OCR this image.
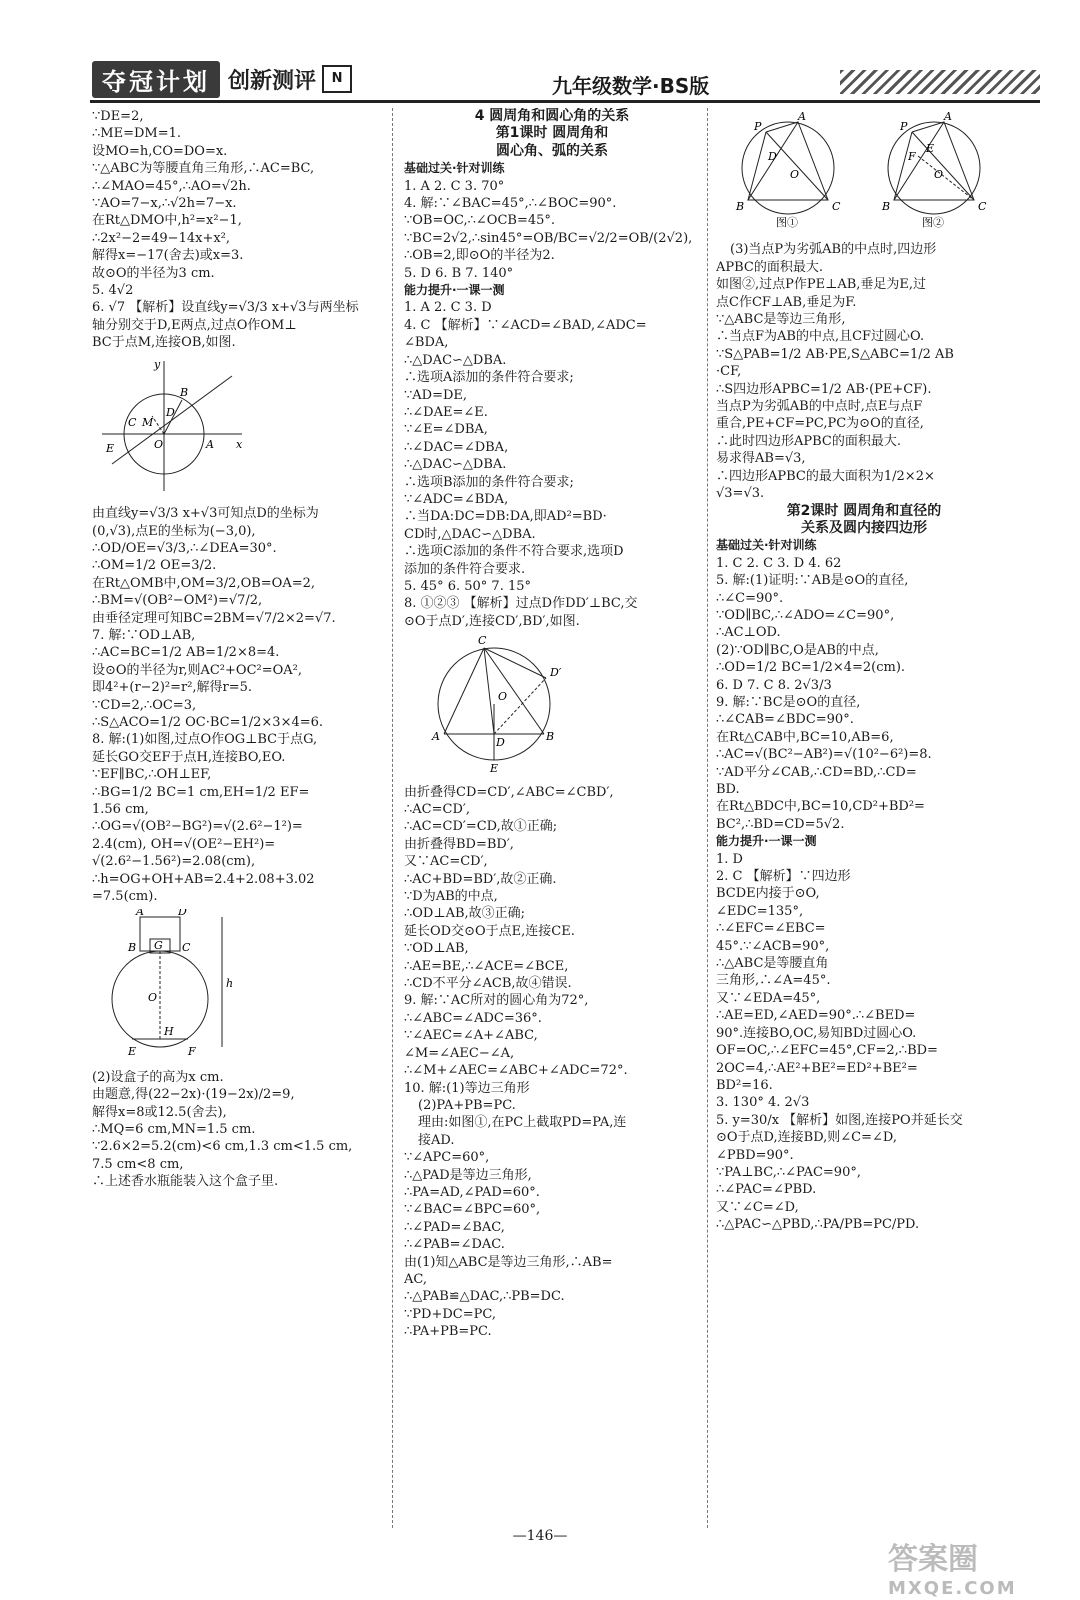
夺冠计划 创新测评	N	九年级数学·BS版
∵DE=2,
∴ME=DM=1.
设MO=h,CO=DO=x.
∵△ABC为等腰直角三角形,∴AC=BC,
∴∠MAO=45°,∴AO=√2h.
∵AO=7−x,∴√2h=7−x.
在Rt△DMO中,h²=x²−1,
∴2x²−2=49−14x+x²,
解得x=−17(舍去)或x=3.
故⊙O的半径为3 cm.
5. 4√2
6. √7 【解析】设直线y=√3/3 x+√3与两坐标
轴分别交于D,E两点,过点O作OM⊥
BC于点M,连接OB,如图.
y
B
C
D
M
E	O	A x
由直线y=√3/3 x+√3可知点D的坐标为
(0,√3),点E的坐标为(−3,0),
∴OD/OE=√3/3,∴∠DEA=30°.
∴OM=1/2 OE=3/2.
在Rt△OMB中,OM=3/2,OB=OA=2,
∴BM=√(OB²−OM²)=√7/2,
由垂径定理可知BC=2BM=√7/2×2=√7.
7. 解:∵OD⊥AB,
∴AC=BC=1/2 AB=1/2×8=4.
设⊙O的半径为r,则AC²+OC²=OA²,
即4²+(r−2)²=r²,解得r=5.
∵CD=2,∴OC=3,
∴S△ACO=1/2 OC·BC=1/2×3×4=6.
8. 解:(1)如图,过点O作OG⊥BC于点G,
延长GO交EF于点H,连接BO,EO.
∵EF∥BC,∴OH⊥EF,
∴BG=1/2 BC=1 cm,EH=1/2 EF=
1.56 cm,
∴OG=√(OB²−BG²)=√(2.6²−1²)=
2.4(cm), OH=√(OE²−EH²)=
√(2.6²−1.56²)=2.08(cm),
∴h=OG+OH+AB=2.4+2.08+3.02
=7.5(cm).
A	D
B G C
O
h
H
E	F
(2)设盒子的高为x cm.
由题意,得(22−2x)·(19−2x)/2=9,
解得x=8或12.5(舍去),
∴MQ=6 cm,MN=1.5 cm.
∵2.6×2=5.2(cm)<6 cm,1.3 cm<1.5 cm,
7.5 cm<8 cm,
∴上述香水瓶能装入这个盒子里.
4 圆周角和圆心角的关系
第1课时 圆周角和
圆心角、弧的关系
基础过关·针对训练
1. A 2. C 3. 70°
4. 解:∵∠BAC=45°,∴∠BOC=90°.
∵OB=OC,∴∠OCB=45°.
∵BC=2√2,∴sin45°=OB/BC=√2/2=OB/(2√2),
∴OB=2,即⊙O的半径为2.
5. D 6. B 7. 140°
能力提升·一课一测
1. A 2. C 3. D
4. C 【解析】∵∠ACD=∠BAD,∠ADC=
∠BDA,
∴△DAC∽△DBA.
∴选项A添加的条件符合要求;
∵AD=DE,
∴∠DAE=∠E.
∵∠E=∠DBA,
∴∠DAC=∠DBA,
∴△DAC∽△DBA.
∴选项B添加的条件符合要求;
∵∠ADC=∠BDA,
∴当DA:DC=DB:DA,即AD²=BD·
CD时,△DAC∽△DBA.
∴选项C添加的条件不符合要求,选项D
添加的条件符合要求.
5. 45° 6. 50° 7. 15°
8. ①②③ 【解析】过点D作DD′⊥BC,交
⊙O于点D′,连接CD′,BD′,如图.
C
D′
O
A	D	B
E
由折叠得CD=CD′,∠ABC=∠CBD′,
∴AC=CD′,
∴AC=CD′=CD,故①正确;
由折叠得BD=BD′,
又∵AC=CD′,
∴AC+BD=BD′,故②正确.
∵D为AB的中点,
∴OD⊥AB,故③正确;
延长OD交⊙O于点E,连接CE.
∵OD⊥AB,
∴AE=BE,∴∠ACE=∠BCE,
∴CD不平分∠ACB,故④错误.
9. 解:∵AC所对的圆心角为72°,
∴∠ABC=∠ADC=36°.
∵∠AEC=∠A+∠ABC,
∠M=∠AEC−∠A,
∴∠M+∠AEC=∠ABC+∠ADC=72°.
10. 解:(1)等边三角形
(2)PA+PB=PC.
理由:如图①,在PC上截取PD=PA,连
接AD.
∵∠APC=60°,
∴△PAD是等边三角形,
∴PA=AD,∠PAD=60°.
∵∠BAC=∠BPC=60°,
∴∠PAD=∠BAC,
∴∠PAB=∠DAC.
由(1)知△ABC是等边三角形,∴AB=
AC,
∴△PAB≌△DAC,∴PB=DC.
∵PD+DC=PC,
∴PA+PB=PC.
P
A
D
O
B	C
图①
P
A
F
E
O
B	C
图②
(3)当点P为劣弧AB的中点时,四边形
APBC的面积最大.
如图②,过点P作PE⊥AB,垂足为E,过
点C作CF⊥AB,垂足为F.
∵△ABC是等边三角形,
∴当点F为AB的中点,且CF过圆心O.
∵S△PAB=1/2 AB·PE,S△ABC=1/2 AB
·CF,
∴S四边形APBC=1/2 AB·(PE+CF).
当点P为劣弧AB的中点时,点E与点F
重合,PE+CF=PC,PC为⊙O的直径,
∴此时四边形APBC的面积最大.
易求得AB=√3,
∴四边形APBC的最大面积为1/2×2×
√3=√3.
第2课时 圆周角和直径的
关系及圆内接四边形
基础过关·针对训练
1. C 2. C 3. D 4. 62
5. 解:(1)证明:∵AB是⊙O的直径,
∴∠C=90°.
∵OD∥BC,∴∠ADO=∠C=90°,
∴AC⊥OD.
(2)∵OD∥BC,O是AB的中点,
∴OD=1/2 BC=1/2×4=2(cm).
6. D 7. C 8. 2√3/3
9. 解:∵BC是⊙O的直径,
∴∠CAB=∠BDC=90°.
在Rt△CAB中,BC=10,AB=6,
∴AC=√(BC²−AB²)=√(10²−6²)=8.
∵AD平分∠CAB,∴CD=BD,∴CD=
BD.
在Rt△BDC中,BC=10,CD²+BD²=
BC²,∴BD=CD=5√2.
能力提升·一课一测
1. D
2. C 【解析】∵四边形
BCDE内接于⊙O,
∠EDC=135°,
∴∠EFC=∠EBC=
45°.∵∠ACB=90°,
∴△ABC是等腰直角
三角形,∴∠A=45°.
又∵∠EDA=45°,
∴AE=ED,∠AED=90°.∴∠BED=
90°.连接BO,OC,易知BD过圆心O.
OF=OC,∴∠EFC=45°,CF=2,∴BD=
2OC=4,∴AE²+BE²=ED²+BE²=
BD²=16.
3. 130° 4. 2√3
5. y=30/x 【解析】如图,连接PO并延长交
⊙O于点D,连接BD,则∠C=∠D,
∠PBD=90°.
∵PA⊥BC,∴∠PAC=90°,
∴∠PAC=∠PBD.
又∵∠C=∠D,
∴△PAC∽△PBD,∴PA/PB=PC/PD.
—146—
答案圈
MXQE.COM
